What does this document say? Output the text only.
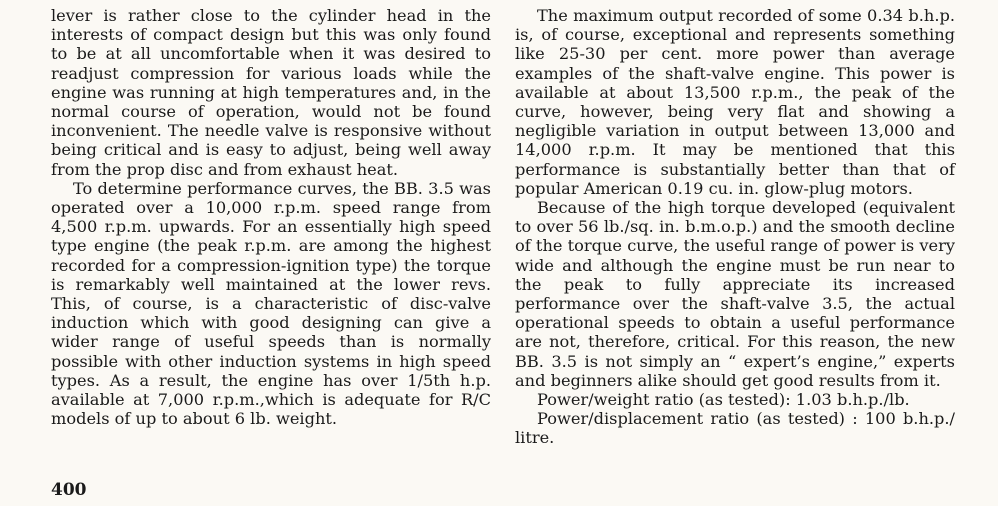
lever is rather close to the cylinder head in the interests of compact design but this was only found to be at all uncomfortable when it was desired to readjust compression for various loads while the engine was running at high temperatures and, in the normal course of operation, would not be found inconvenient. The needle valve is responsive without being critical and is easy to adjust, being well away from the prop disc and from exhaust heat.

To determine performance curves, the BB. 3.5 was operated over a 10,000 r.p.m. speed range from 4,500 r.p.m. upwards. For an essentially high speed type engine (the peak r.p.m. are among the highest recorded for a compression-ignition type) the torque is remarkably well maintained at the lower revs. This, of course, is a characteristic of disc-valve induction which with good designing can give a wider range of useful speeds than is normally possible with other induction systems in high speed types. As a result, the engine has over 1/5th h.p. available at 7,000 r.p.m.,which is adequate for R/C models of up to about 6 lb. weight.

The maximum output recorded of some 0.34 b.h.p. is, of course, exceptional and represents something like 25-30 per cent. more power than average examples of the shaft-valve engine. This power is available at about 13,500 r.p.m., the peak of the curve, however, being very flat and showing a negligible variation in output between 13,000 and 14,000 r.p.m. It may be mentioned that this performance is substantially better than that of popular American 0.19 cu. in. glow-plug motors.

Because of the high torque developed (equivalent to over 56 lb./sq. in. b.m.o.p.) and the smooth decline of the torque curve, the useful range of power is very wide and although the engine must be run near to the peak to fully appreciate its increased performance over the shaft-valve 3.5, the actual operational speeds to obtain a useful performance are not, therefore, critical. For this reason, the new BB. 3.5 is not simply an “ expert’s engine,” experts and beginners alike should get good results from it.

Power/weight ratio (as tested): 1.03 b.h.p./lb.

Power/displacement ratio (as tested) : 100 b.h.p./ litre.

400
